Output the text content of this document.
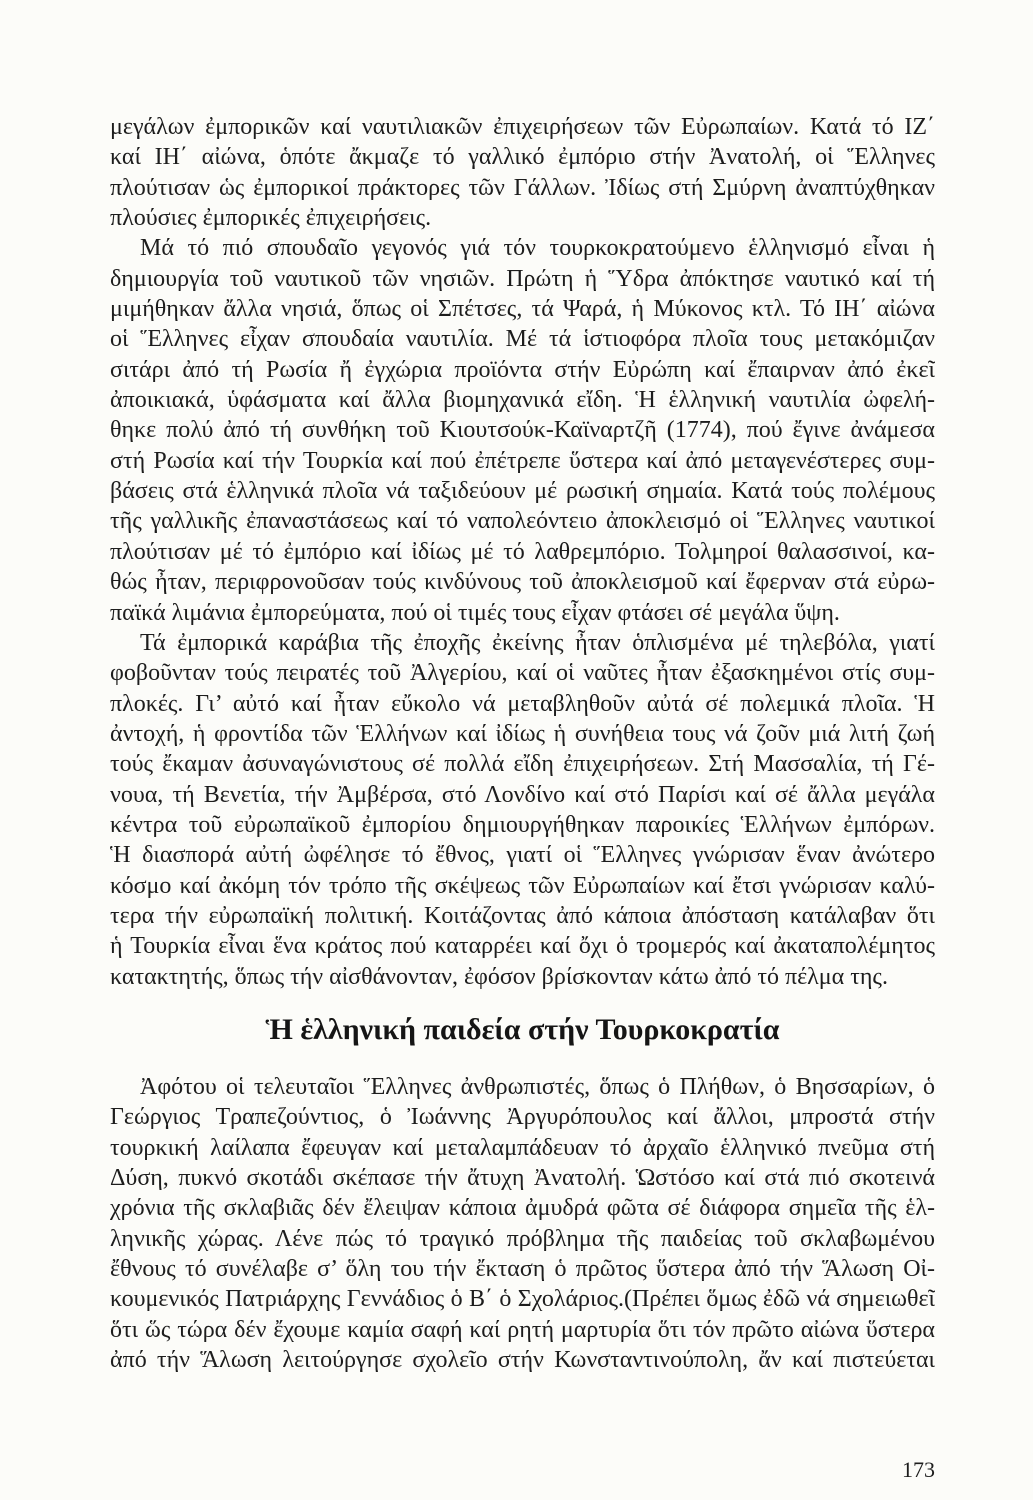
μεγάλων ἐμπορικῶν καί ναυτιλιακῶν ἐπιχειρήσεων τῶν Εὐρωπαίων. Κατά τό ΙΖ΄
καί ΙΗ΄ αἰώνα, ὁπότε ἄκμαζε τό γαλλικό ἐμπόριο στήν Ἀνατολή, οἱ Ἕλληνες
πλούτισαν ὡς ἐμπορικοί πράκτορες τῶν Γάλλων. Ἰδίως στή Σμύρνη ἀναπτύχθηκαν
πλούσιες ἐμπορικές ἐπιχειρήσεις.
Μά τό πιό σπουδαῖο γεγονός γιά τόν τουρκοκρατούμενο ἑλληνισμό εἶναι ἡ
δημιουργία τοῦ ναυτικοῦ τῶν νησιῶν. Πρώτη ἡ Ὕδρα ἀπόκτησε ναυτικό καί τή
μιμήθηκαν ἄλλα νησιά, ὅπως οἱ Σπέτσες, τά Ψαρά, ἡ Μύκονος κτλ. Τό ΙΗ΄ αἰώνα
οἱ Ἕλληνες εἶχαν σπουδαία ναυτιλία. Μέ τά ἱστιοφόρα πλοῖα τους μετακόμιζαν
σιτάρι ἀπό τή Ρωσία ἤ ἐγχώρια προϊόντα στήν Εὐρώπη καί ἔπαιρναν ἀπό ἐκεῖ
ἀποικιακά, ὑφάσματα καί ἄλλα βιομηχανικά εἴδη. Ἡ ἑλληνική ναυτιλία ὠφελή-
θηκε πολύ ἀπό τή συνθήκη τοῦ Κιουτσούκ-Καϊναρτζῆ (1774), πού ἔγινε ἀνάμεσα
στή Ρωσία καί τήν Τουρκία καί πού ἐπέτρεπε ὕστερα καί ἀπό μεταγενέστερες συμ-
βάσεις στά ἑλληνικά πλοῖα νά ταξιδεύουν μέ ρωσική σημαία. Κατά τούς πολέμους
τῆς γαλλικῆς ἐπαναστάσεως καί τό ναπολεόντειο ἀποκλεισμό οἱ Ἕλληνες ναυτικοί
πλούτισαν μέ τό ἐμπόριο καί ἰδίως μέ τό λαθρεμπόριο. Τολμηροί θαλασσινοί, κα-
θώς ἦταν, περιφρονοῦσαν τούς κινδύνους τοῦ ἀποκλεισμοῦ καί ἔφερναν στά εὐρω-
παϊκά λιμάνια ἐμπορεύματα, πού οἱ τιμές τους εἶχαν φτάσει σέ μεγάλα ὕψη.
Τά ἐμπορικά καράβια τῆς ἐποχῆς ἐκείνης ἦταν ὁπλισμένα μέ τηλεβόλα, γιατί
φοβοῦνταν τούς πειρατές τοῦ Ἀλγερίου, καί οἱ ναῦτες ἦταν ἐξασκημένοι στίς συμ-
πλοκές. Γι’ αὐτό καί ἦταν εὔκολο νά μεταβληθοῦν αὐτά σέ πολεμικά πλοῖα. Ἡ
ἀντοχή, ἡ φροντίδα τῶν Ἑλλήνων καί ἰδίως ἡ συνήθεια τους νά ζοῦν μιά λιτή ζωή
τούς ἔκαμαν ἀσυναγώνιστους σέ πολλά εἴδη ἐπιχειρήσεων. Στή Μασσαλία, τή Γέ-
νουα, τή Βενετία, τήν Ἀμβέρσα, στό Λονδίνο καί στό Παρίσι καί σέ ἄλλα μεγάλα
κέντρα τοῦ εὐρωπαϊκοῦ ἐμπορίου δημιουργήθηκαν παροικίες Ἑλλήνων ἐμπόρων.
Ἡ διασπορά αὐτή ὠφέλησε τό ἔθνος, γιατί οἱ Ἕλληνες γνώρισαν ἕναν ἀνώτερο
κόσμο καί ἀκόμη τόν τρόπο τῆς σκέψεως τῶν Εὐρωπαίων καί ἔτσι γνώρισαν καλύ-
τερα τήν εὐρωπαϊκή πολιτική. Κοιτάζοντας ἀπό κάποια ἀπόσταση κατάλαβαν ὅτι
ἡ Τουρκία εἶναι ἕνα κράτος πού καταρρέει καί ὄχι ὁ τρομερός καί ἀκαταπολέμητος
κατακτητής, ὅπως τήν αἰσθάνονταν, ἐφόσον βρίσκονταν κάτω ἀπό τό πέλμα της.
Ἡ ἑλληνική παιδεία στήν Τουρκοκρατία
Ἀφότου οἱ τελευταῖοι Ἕλληνες ἀνθρωπιστές, ὅπως ὁ Πλήθων, ὁ Βησσαρίων, ὁ
Γεώργιος Τραπεζούντιος, ὁ Ἰωάννης Ἀργυρόπουλος καί ἄλλοι, μπροστά στήν
τουρκική λαίλαπα ἔφευγαν καί μεταλαμπάδευαν τό ἀρχαῖο ἑλληνικό πνεῦμα στή
Δύση, πυκνό σκοτάδι σκέπασε τήν ἄτυχη Ἀνατολή. Ὡστόσο καί στά πιό σκοτεινά
χρόνια τῆς σκλαβιᾶς δέν ἔλειψαν κάποια ἀμυδρά φῶτα σέ διάφορα σημεῖα τῆς ἑλ-
ληνικῆς χώρας. Λένε πώς τό τραγικό πρόβλημα τῆς παιδείας τοῦ σκλαβωμένου
ἔθνους τό συνέλαβε σ’ ὅλη του τήν ἔκταση ὁ πρῶτος ὕστερα ἀπό τήν Ἅλωση Οἰ-
κουμενικός Πατριάρχης Γεννάδιος ὁ Β΄ ὁ Σχολάριος.(Πρέπει ὅμως ἐδῶ νά σημειωθεῖ
ὅτι ὥς τώρα δέν ἔχουμε καμία σαφή καί ρητή μαρτυρία ὅτι τόν πρῶτο αἰώνα ὕστερα
ἀπό τήν Ἅλωση λειτούργησε σχολεῖο στήν Κωνσταντινούπολη, ἄν καί πιστεύεται
173
